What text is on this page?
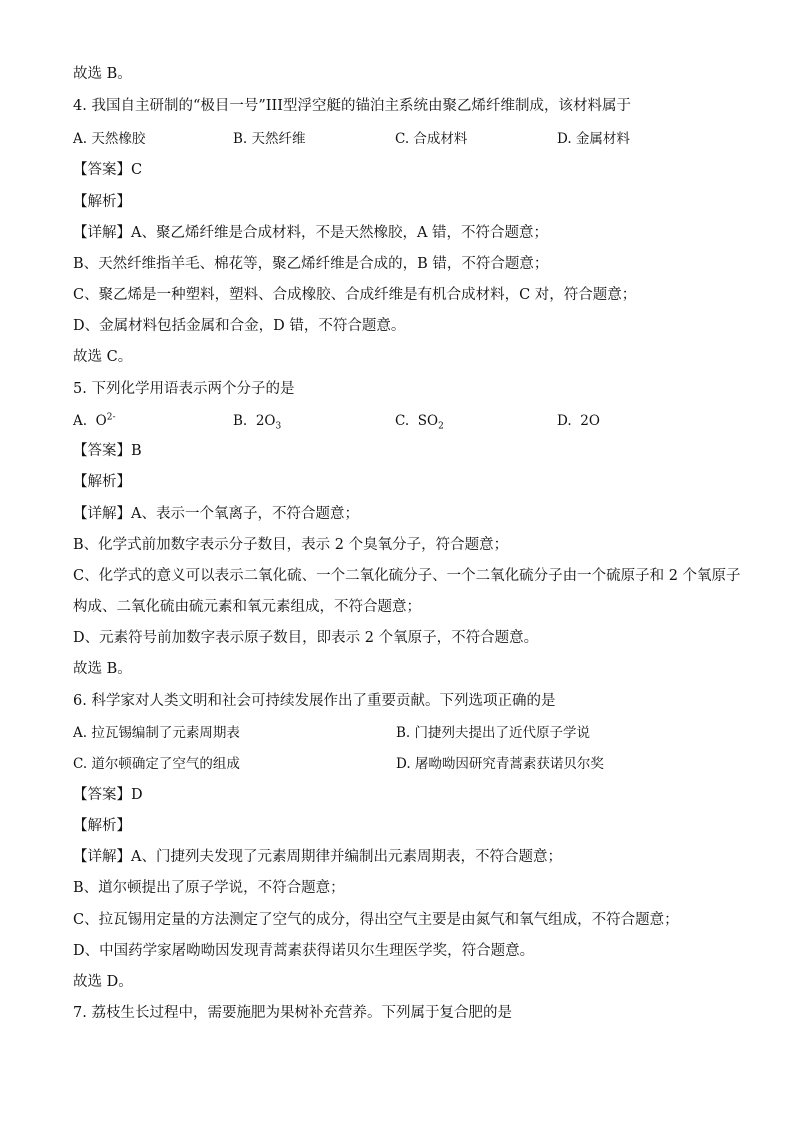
故选 B。
4. 我国自主研制的“极目一号”III型浮空艇的锚泊主系统由聚乙烯纤维制成，该材料属于
A. 天然橡胶	B. 天然纤维	C. 合成材料	D. 金属材料
【答案】C
【解析】
【详解】A、聚乙烯纤维是合成材料，不是天然橡胶，A 错，不符合题意；
B、天然纤维指羊毛、棉花等，聚乙烯纤维是合成的，B 错，不符合题意；
C、聚乙烯是一种塑料，塑料、合成橡胶、合成纤维是有机合成材料，C 对，符合题意；
D、金属材料包括金属和合金，D 错，不符合题意。
故选 C。
5. 下列化学用语表示两个分子的是
A. $O^{2-}$	B. $2O_3$	C. $SO_2$	D. 2O
【答案】B
【解析】
【详解】A、表示一个氧离子，不符合题意；
B、化学式前加数字表示分子数目，表示 2 个臭氧分子，符合题意；
C、化学式的意义可以表示二氧化硫、一个二氧化硫分子、一个二氧化硫分子由一个硫原子和 2 个氧原子
构成、二氧化硫由硫元素和氧元素组成，不符合题意；
D、元素符号前加数字表示原子数目，即表示 2 个氧原子，不符合题意。
故选 B。
6. 科学家对人类文明和社会可持续发展作出了重要贡献。下列选项正确的是
A. 拉瓦锡编制了元素周期表	B. 门捷列夫提出了近代原子学说
C. 道尔顿确定了空气的组成	D. 屠呦呦因研究青蒿素获诺贝尔奖
【答案】D
【解析】
【详解】A、门捷列夫发现了元素周期律并编制出元素周期表，不符合题意；
B、道尔顿提出了原子学说，不符合题意；
C、拉瓦锡用定量的方法测定了空气的成分，得出空气主要是由氮气和氧气组成，不符合题意；
D、中国药学家屠呦呦因发现青蒿素获得诺贝尔生理医学奖，符合题意。
故选 D。
7. 荔枝生长过程中，需要施肥为果树补充营养。下列属于复合肥的是
